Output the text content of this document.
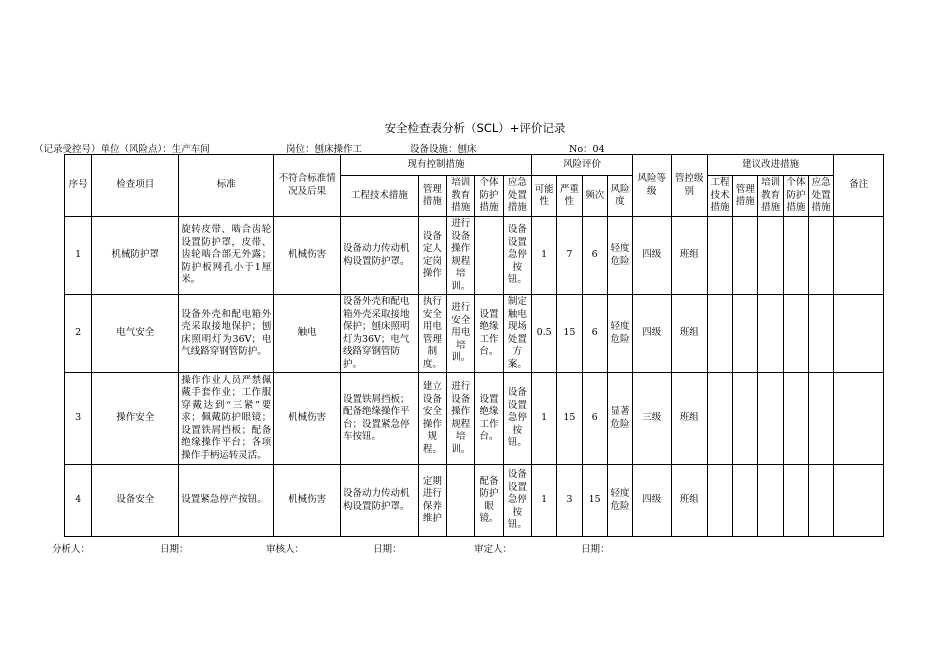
安全检查表分析（SCL）+评价记录
（记录受控号）单位（风险点）：生产车间	岗位：刨床操作工	设备设施：刨床	No：04
序号	检查项目	标准	不符合标准情况及后果	现有控制措施					风险评价				风险等级	管控级别	建议改进措施					备注
				工程技术措施	管理措施	培训教育措施	个体防护措施	应急处置措施	可能性	严重性	频次	风险度			工程技术措施	管理措施	培训教育措施	个体防护措施	应急处置措施	
1	机械防护罩	旋转皮带、啮合齿轮设置防护罩，皮带、齿轮啮合部无外露；防护板网孔小于1厘米。	机械伤害	设备动力传动机构设置防护罩。	设备定人定岗操作	进行设备操作规程培训。		设备设置急停按钮。	1	7	6	轻度危险	四级	班组						
2	电气安全	设备外壳和配电箱外壳采取接地保护；刨床照明灯为36V；电气线路穿钢管防护。	触电	设备外壳和配电箱外壳采取接地保护；刨床照明灯为36V；电气线路穿钢管防护。	执行安全用电管理制度。	进行安全用电培训。	设置绝缘工作台。	制定触电现场处置方案。	0.5	15	6	轻度危险	四级	班组						
3	操作安全	操作作业人员严禁佩戴手套作业；工作服穿戴达到“三紧”要求；佩戴防护眼镜；设置铁屑挡板；配备绝缘操作平台；各项操作手柄运转灵活。	机械伤害	设置铁屑挡板；配备绝缘操作平台；设置紧急停车按钮。	建立设备安全操作规程。	进行设备操作规程培训。	设置绝缘工作台。	设备设置急停按钮。	1	15	6	显著危险	三级	班组						
4	设备安全	设置紧急停产按钮。	机械伤害	设备动力传动机构设置防护罩。	定期进行保养维护		配备防护眼镜。	设备设置急停按钮。	1	3	15	轻度危险	四级	班组						
分析人：	日期：	审核人：	日期：	审定人：	日期：
